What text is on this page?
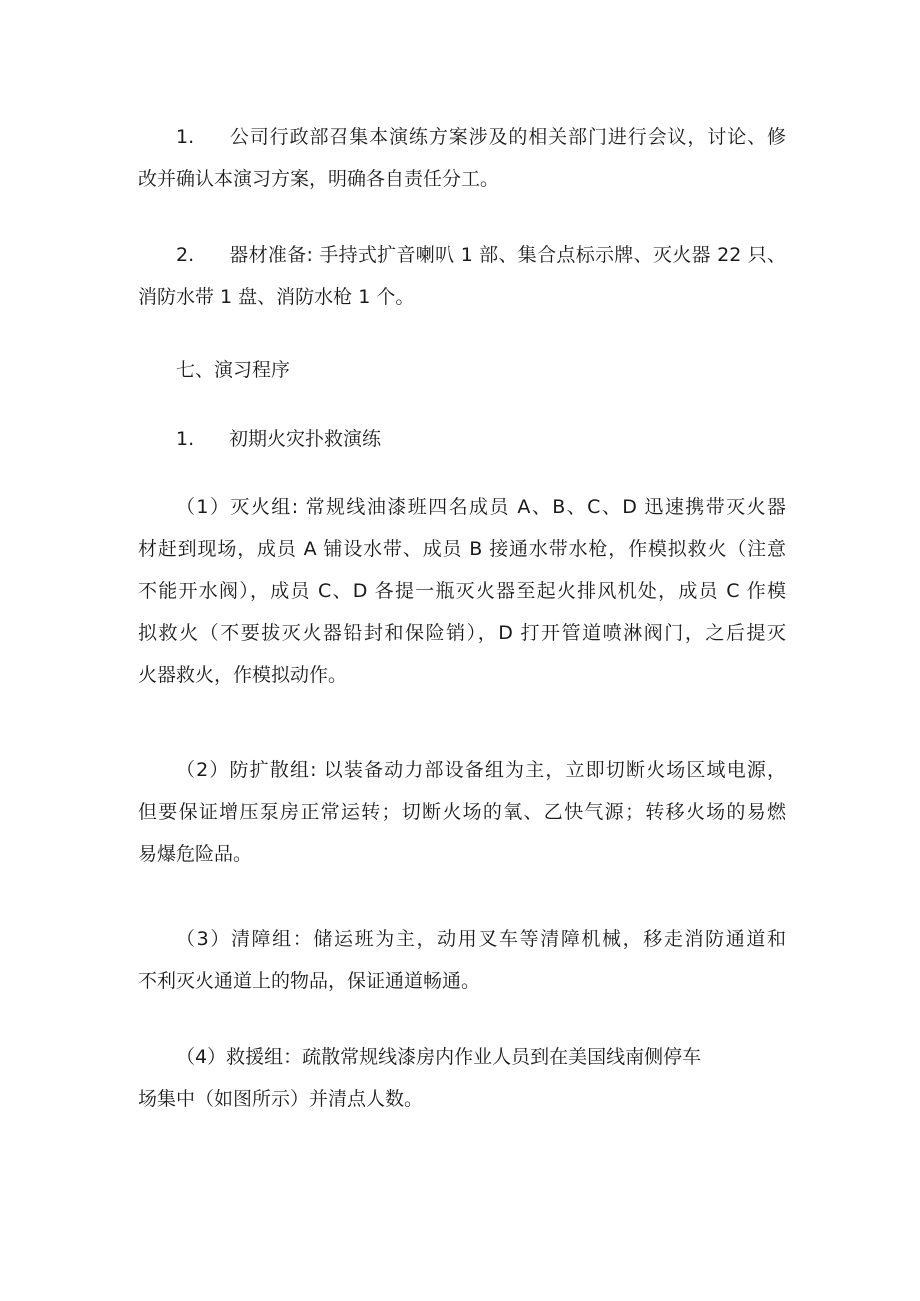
1. 公司行政部召集本演练方案涉及的相关部门进行会议，讨论、修
改并确认本演习方案，明确各自责任分工。
2. 器材准备: 手持式扩音喇叭 1 部、集合点标示牌、灭火器 22 只、
消防水带 1 盘、消防水枪 1 个。
七、演习程序
1. 初期火灾扑救演练
（1）灭火组: 常规线油漆班四名成员 A、B、C、D 迅速携带灭火器
材赶到现场，成员 A 铺设水带、成员 B 接通水带水枪，作模拟救火（注意
不能开水阀），成员 C、D 各提一瓶灭火器至起火排风机处，成员 C 作模
拟救火（不要拔灭火器铅封和保险销），D 打开管道喷淋阀门，之后提灭
火器救火，作模拟动作。
（2）防扩散组: 以装备动力部设备组为主，立即切断火场区域电源，
但要保证增压泵房正常运转；切断火场的氧、乙快气源；转移火场的易燃
易爆危险品。
（3）清障组：储运班为主，动用叉车等清障机械，移走消防通道和
不利灭火通道上的物品，保证通道畅通。
（4）救援组：疏散常规线漆房内作业人员到在美国线南侧停车
场集中（如图所示）并清点人数。
